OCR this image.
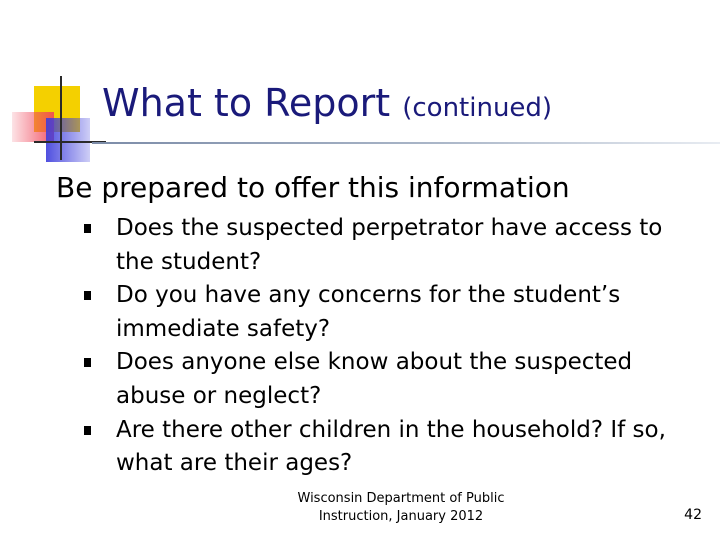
What to Report (continued)
Be prepared to offer this information
Does the suspected perpetrator have access to the student?
Do you have any concerns for the student’s immediate safety?
Does anyone else know about the suspected abuse or neglect?
Are there other children in the household? If so, what are their ages?
Wisconsin Department of Public
Instruction, January 2012	42
